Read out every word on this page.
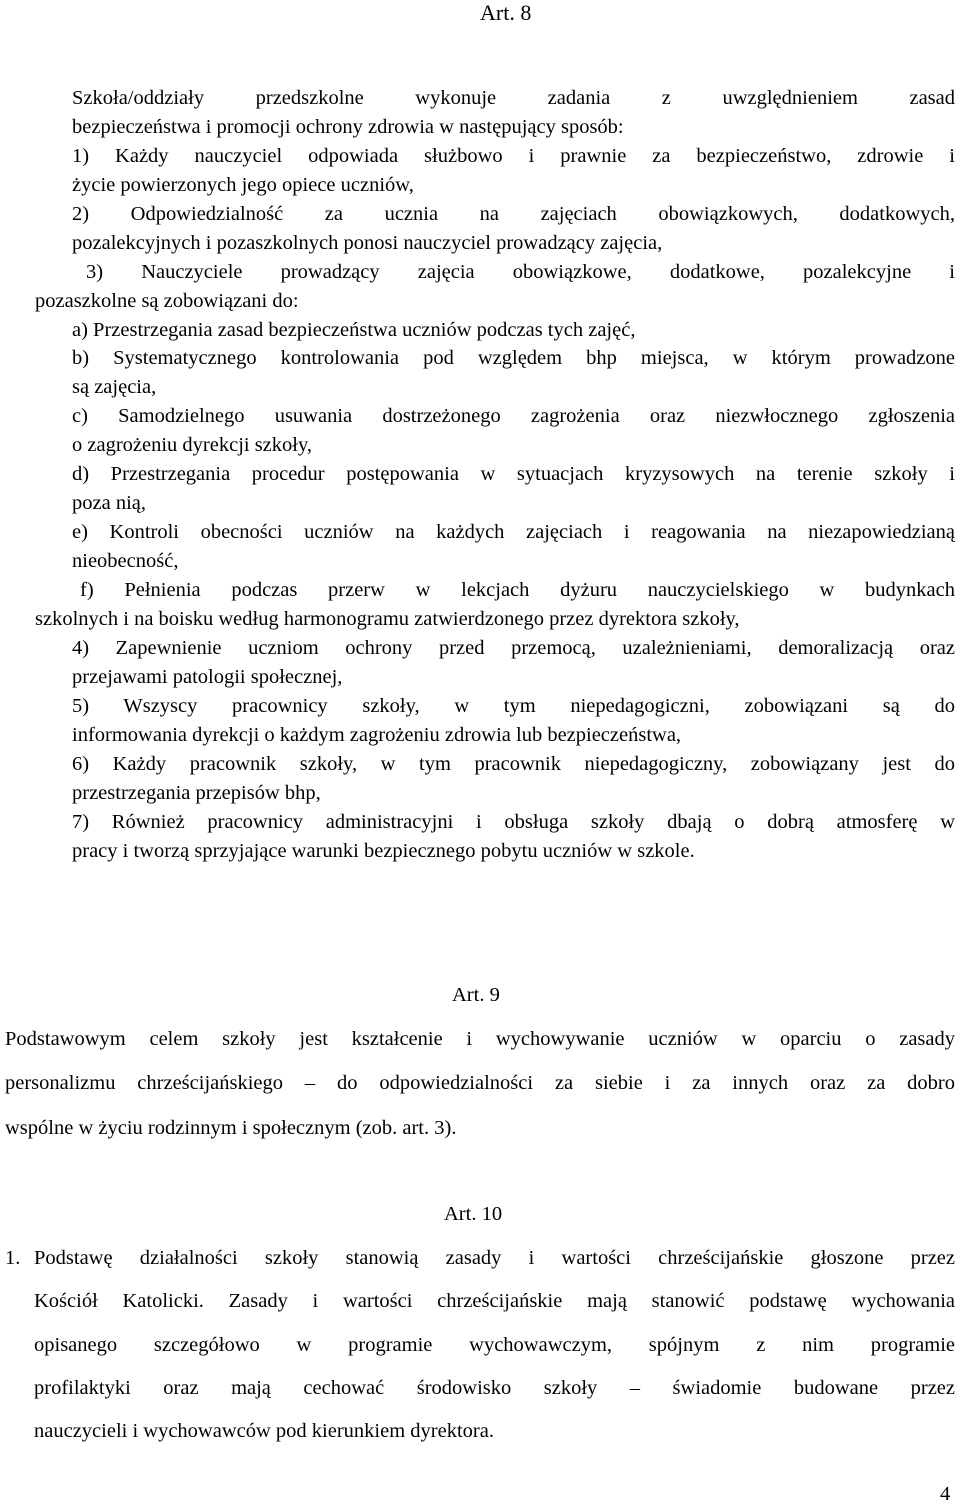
Art. 8
Szkoła/oddziały przedszkolne wykonuje zadania z uwzględnieniem zasad
bezpieczeństwa i promocji ochrony zdrowia w następujący sposób:
1) Każdy nauczyciel odpowiada służbowo i prawnie za bezpieczeństwo, zdrowie i
życie powierzonych jego opiece uczniów,
2) Odpowiedzialność za ucznia na zajęciach obowiązkowych, dodatkowych,
pozalekcyjnych i pozaszkolnych ponosi nauczyciel prowadzący zajęcia,
3) Nauczyciele prowadzący zajęcia obowiązkowe, dodatkowe, pozalekcyjne i
pozaszkolne są zobowiązani do:
a) Przestrzegania zasad bezpieczeństwa uczniów podczas tych zajęć,
b) Systematycznego kontrolowania pod względem bhp miejsca, w którym prowadzone
są zajęcia,
c) Samodzielnego usuwania dostrzeżonego zagrożenia oraz niezwłocznego zgłoszenia
o zagrożeniu dyrekcji szkoły,
d) Przestrzegania procedur postępowania w sytuacjach kryzysowych na terenie szkoły i
poza nią,
e) Kontroli obecności uczniów na każdych zajęciach i reagowania na niezapowiedzianą
nieobecność,
f) Pełnienia podczas przerw w lekcjach dyżuru nauczycielskiego w budynkach
szkolnych i na boisku według harmonogramu zatwierdzonego przez dyrektora szkoły,
4) Zapewnienie uczniom ochrony przed przemocą, uzależnieniami, demoralizacją oraz
przejawami patologii społecznej,
5) Wszyscy pracownicy szkoły, w tym niepedagogiczni, zobowiązani są do
informowania dyrekcji o każdym zagrożeniu zdrowia lub bezpieczeństwa,
6) Każdy pracownik szkoły, w tym pracownik niepedagogiczny, zobowiązany jest do
przestrzegania przepisów bhp,
7) Również pracownicy administracyjni i obsługa szkoły dbają o dobrą atmosferę w
pracy i tworzą sprzyjające warunki bezpiecznego pobytu uczniów w szkole.
Art. 9
Podstawowym celem szkoły jest kształcenie i wychowywanie uczniów w oparciu o zasady
personalizmu chrześcijańskiego – do odpowiedzialności za siebie i za innych oraz za dobro
wspólne w życiu rodzinnym i społecznym (zob. art. 3).
Art. 10
1. Podstawę działalności szkoły stanowią zasady i wartości chrześcijańskie głoszone przez
Kościół Katolicki. Zasady i wartości chrześcijańskie mają stanowić podstawę wychowania
opisanego szczegółowo w programie wychowawczym, spójnym z nim programie
profilaktyki oraz mają cechować środowisko szkoły – świadomie budowane przez
nauczycieli i wychowawców pod kierunkiem dyrektora.
4
